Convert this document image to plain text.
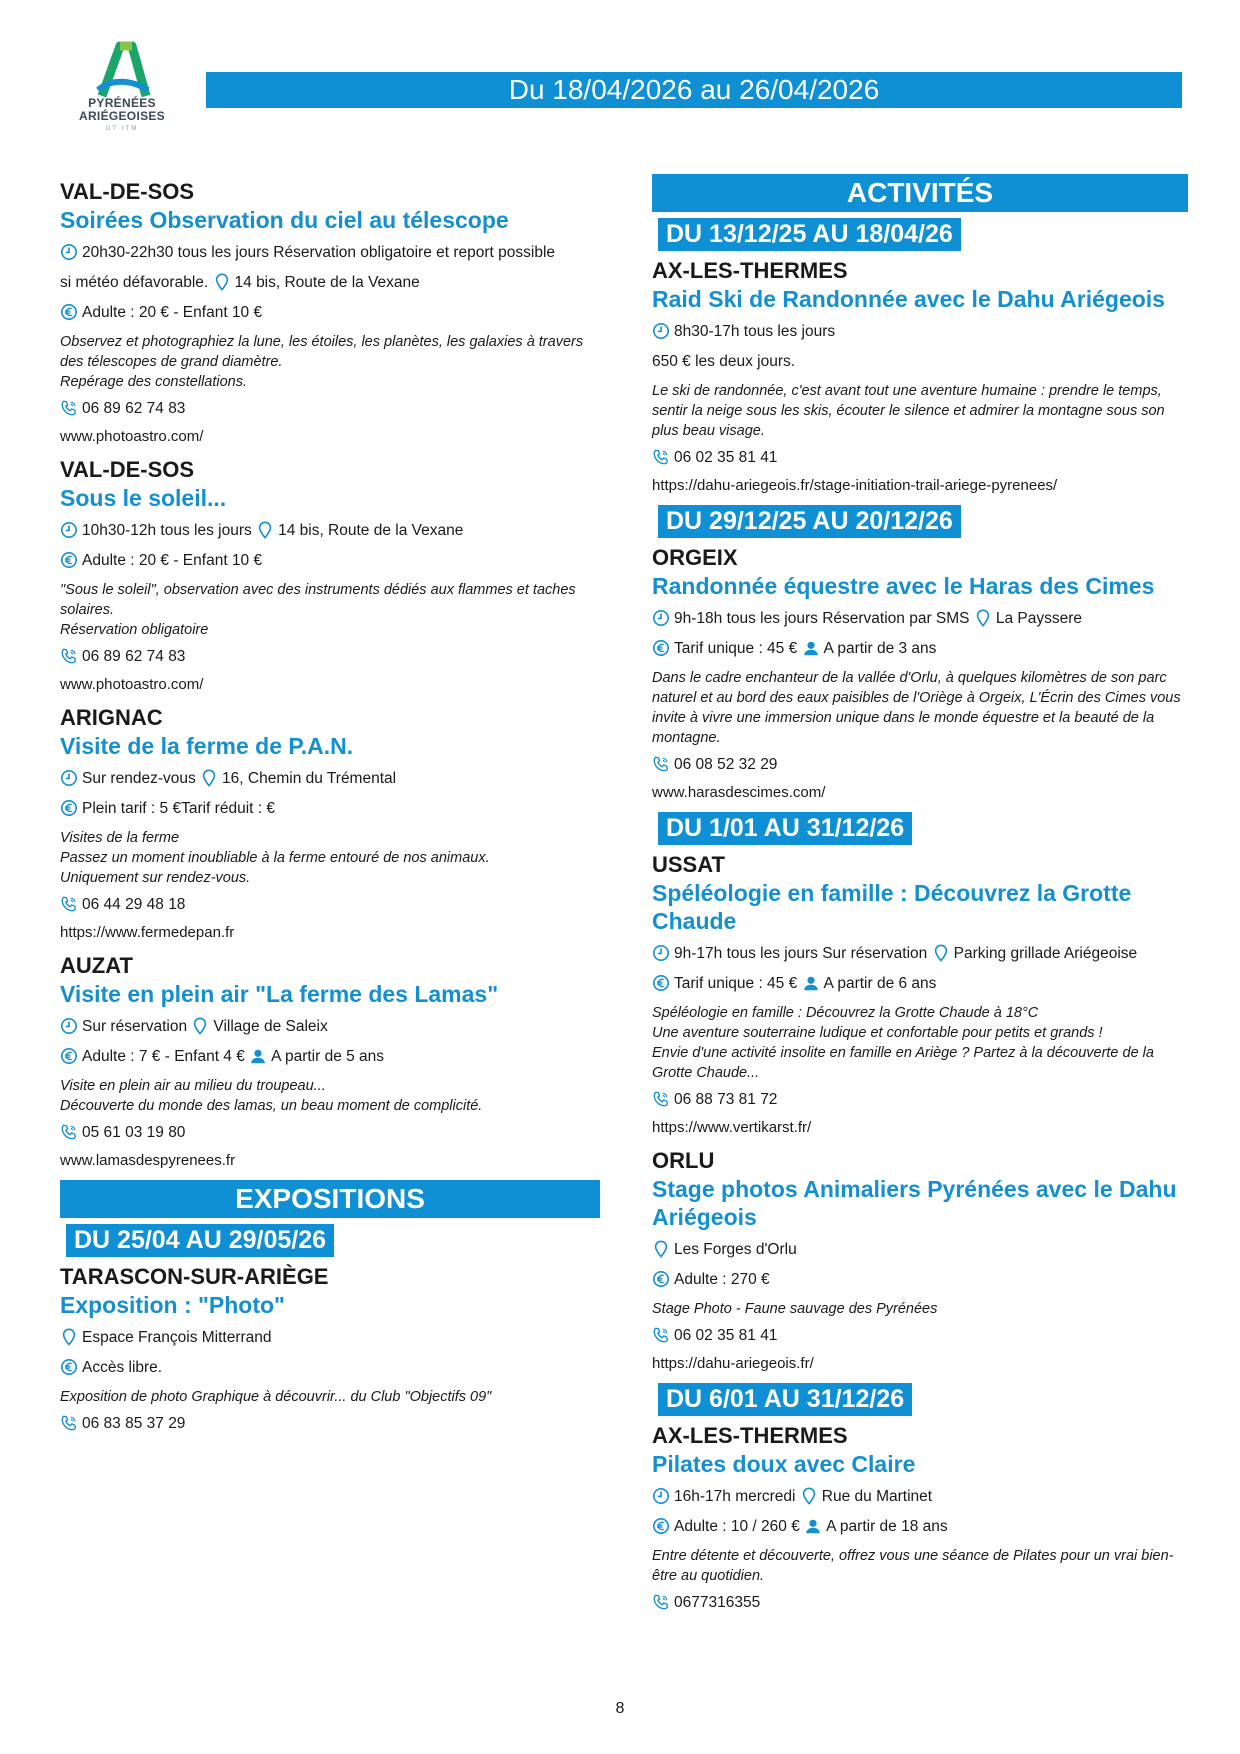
PYRÉNÉES
ARIÉGEOISES
OT·ITM
Du 18/04/2026 au 26/04/2026

VAL-DE-SOS

Soirées Observation du ciel au télescope

20h30-22h30 tous les jours Réservation obligatoire et report possible

si météo défavorable. 14 bis, Route de la Vexane

Adulte : 20 € - Enfant 10 €

Observez et photographiez la lune, les étoiles, les planètes, les galaxies à travers des télescopes de grand diamètre.
Repérage des constellations.

06 89 62 74 83

www.photoastro.com/

VAL-DE-SOS

Sous le soleil...

10h30-12h tous les jours 14 bis, Route de la Vexane

Adulte : 20 € - Enfant 10 €

"Sous le soleil", observation avec des instruments dédiés aux flammes et taches solaires.
Réservation obligatoire

06 89 62 74 83

www.photoastro.com/

ARIGNAC

Visite de la ferme de P.A.N.

Sur rendez-vous 16, Chemin du Trémental

Plein tarif : 5 €Tarif réduit : €

Visites de la ferme
Passez un moment inoubliable à la ferme entouré de nos animaux.
Uniquement sur rendez-vous.

06 44 29 48 18

https://www.fermedepan.fr

AUZAT

Visite en plein air "La ferme des Lamas"

Sur réservation Village de Saleix

Adulte : 7 € - Enfant 4 € A partir de 5 ans

Visite en plein air au milieu du troupeau...
Découverte du monde des lamas, un beau moment de complicité.

05 61 03 19 80

www.lamasdespyrenees.fr

EXPOSITIONS
DU 25/04 AU 29/05/26

TARASCON-SUR-ARIÈGE

Exposition : "Photo"

Espace François Mitterrand

Accès libre.

Exposition de photo Graphique à découvrir... du Club "Objectifs 09"

06 83 85 37 29

ACTIVITÉS
DU 13/12/25 AU 18/04/26

AX-LES-THERMES

Raid Ski de Randonnée avec le Dahu Ariégeois

8h30-17h tous les jours

650 € les deux jours.

Le ski de randonnée, c'est avant tout une aventure humaine : prendre le temps, sentir la neige sous les skis, écouter le silence et admirer la montagne sous son plus beau visage.

06 02 35 81 41

https://dahu-ariegeois.fr/stage-initiation-trail-ariege-pyrenees/

DU 29/12/25 AU 20/12/26

ORGEIX

Randonnée équestre avec le Haras des Cimes

9h-18h tous les jours Réservation par SMS La Payssere

Tarif unique : 45 € A partir de 3 ans

Dans le cadre enchanteur de la vallée d'Orlu, à quelques kilomètres de son parc naturel et au bord des eaux paisibles de l'Oriège à Orgeix, L'Écrin des Cimes vous invite à vivre une immersion unique dans le monde équestre et la beauté de la montagne.

06 08 52 32 29

www.harasdescimes.com/

DU 1/01 AU 31/12/26

USSAT

Spéléologie en famille : Découvrez la Grotte Chaude

9h-17h tous les jours Sur réservation Parking grillade Ariégeoise

Tarif unique : 45 € A partir de 6 ans

Spéléologie en famille : Découvrez la Grotte Chaude à 18°C
Une aventure souterraine ludique et confortable pour petits et grands !
Envie d'une activité insolite en famille en Ariège ? Partez à la découverte de la Grotte Chaude...

06 88 73 81 72

https://www.vertikarst.fr/

ORLU

Stage photos Animaliers Pyrénées avec le Dahu Ariégeois

Les Forges d'Orlu

Adulte : 270 €

Stage Photo - Faune sauvage des Pyrénées

06 02 35 81 41

https://dahu-ariegeois.fr/

DU 6/01 AU 31/12/26

AX-LES-THERMES

Pilates doux avec Claire

16h-17h mercredi Rue du Martinet

Adulte : 10 / 260 € A partir de 18 ans

Entre détente et découverte, offrez vous une séance de Pilates pour un vrai bien-être au quotidien.

0677316355

8
